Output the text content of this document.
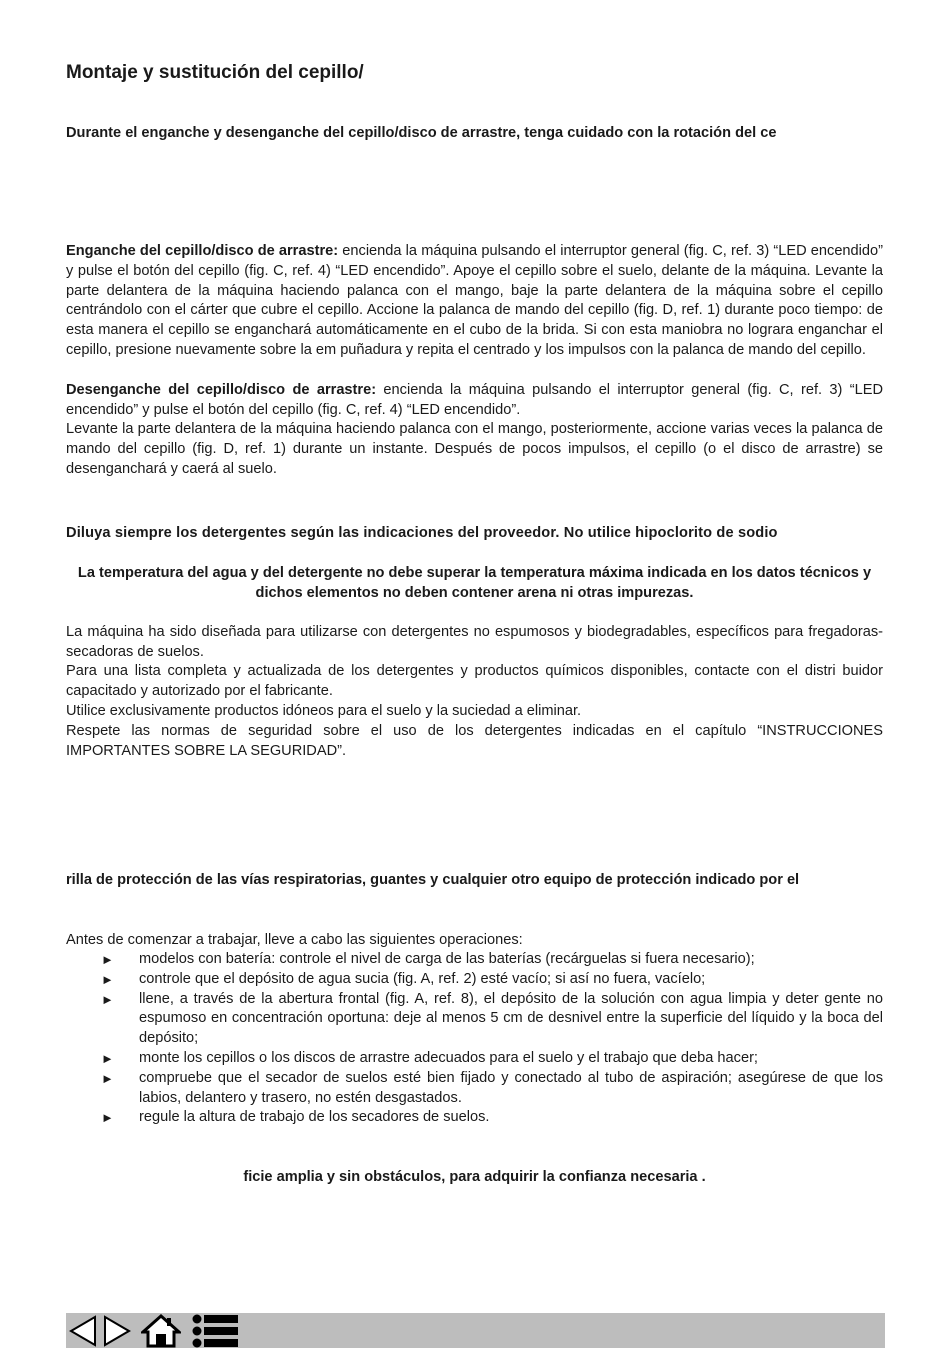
Montaje y sustitución del cepillo/

Durante el enganche y desenganche del cepillo/disco de arrastre, tenga cuidado con la rotación del ce

Enganche del cepillo/disco de arrastre: encienda la máquina pulsando el interruptor general (fig. C, ref. 3) “LED encendido” y pulse el botón del cepillo (fig. C, ref. 4) “LED encendido”. Apoye el cepillo sobre el suelo, delante de la máquina. Levante la parte delantera de la máquina haciendo palanca con el mango, baje la parte delantera de la máquina sobre el cepillo centrándolo con el cárter que cubre el cepillo. Accione la palanca de mando del cepillo (fig. D, ref. 1) durante poco tiempo: de esta manera el cepillo se enganchará automáticamente en el cubo de la brida. Si con esta maniobra no lograra enganchar el cepillo, presione nuevamente sobre la em puñadura y repita el centrado y los impulsos con la palanca de mando del cepillo.

Desenganche del cepillo/disco de arrastre: encienda la máquina pulsando el interruptor general (fig. C, ref. 3) “LED encendido” y pulse el botón del cepillo (fig. C, ref. 4) “LED encendido”.

Levante la parte delantera de la máquina haciendo palanca con el mango, posteriormente, accione varias veces la palanca de mando del cepillo (fig. D, ref. 1) durante un instante. Después de pocos impulsos, el cepillo (o el disco de arrastre) se desenganchará y caerá al suelo.

Diluya siempre los detergentes según las indicaciones del proveedor. No utilice hipoclorito de sodio

La temperatura del agua y del detergente no debe superar la temperatura máxima indicada en los datos técnicos y dichos elementos no deben contener arena ni otras impurezas.

La máquina ha sido diseñada para utilizarse con detergentes no espumosos y biodegradables, específicos para fregadoras-secadoras de suelos.

Para una lista completa y actualizada de los detergentes y productos químicos disponibles, contacte con el distri buidor capacitado y autorizado por el fabricante.

Utilice exclusivamente productos idóneos para el suelo y la suciedad a eliminar.

Respete las normas de seguridad sobre el uso de los detergentes indicadas en el capítulo “INSTRUCCIONES IMPORTANTES SOBRE LA SEGURIDAD”.

rilla de protección de las vías respiratorias, guantes y cualquier otro equipo de protección indicado por el

Antes de comenzar a trabajar, lleve a cabo las siguientes operaciones:

► modelos con batería: controle el nivel de carga de las baterías (recárguelas si fuera necesario);
► controle que el depósito de agua sucia (fig. A, ref. 2) esté vacío; si así no fuera, vacíelo;
► llene, a través de la abertura frontal (fig. A, ref. 8), el depósito de la solución con agua limpia y deter gente no espumoso en concentración oportuna: deje al menos 5 cm de desnivel entre la superficie del líquido y la boca del depósito;
► monte los cepillos o los discos de arrastre adecuados para el suelo y el trabajo que deba hacer;
► compruebe que el secador de suelos esté bien fijado y conectado al tubo de aspiración; asegúrese de que los labios, delantero y trasero, no estén desgastados.
► regule la altura de trabajo de los secadores de suelos.

ficie amplia y sin obstáculos, para adquirir la confianza necesaria .
